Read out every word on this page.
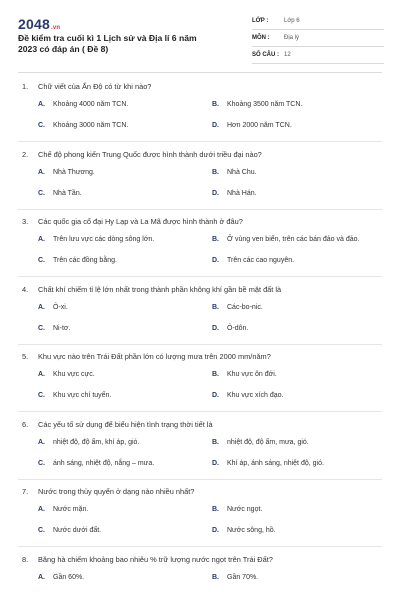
2048.vn
Đề kiểm tra cuối kì 1 Lịch sử và Địa lí 6 năm 2023 có đáp án ( Đề 8)
LỚP :	Lớp 6
MÔN :	Địa lý
SỐ CÂU : 12
1. Chữ viết của Ấn Độ có từ khi nào?
A. Khoảng 4000 năm TCN.	B. Khoảng 3500 năm TCN.
C. Khoảng 3000 năm TCN.	D. Hơn 2000 năm TCN.
2. Chế độ phong kiến Trung Quốc được hình thành dưới triều đại nào?
A. Nhà Thương.	B. Nhà Chu.
C. Nhà Tần.	D. Nhà Hán.
3. Các quốc gia cổ đại Hy Lạp và La Mã được hình thành ở đâu?
A. Trên lưu vực các dòng sông lớn.	B. Ở vùng ven biển, trên các bán đảo và đảo.
C. Trên các đồng bằng.	D. Trên các cao nguyên.
4. Chất khí chiếm tỉ lệ lớn nhất trong thành phần không khí gần bề mặt đất là
A. Ô-xi.	B. Các-bo-nic.
C. Ni-tơ.	D. Ô-dôn.
5. Khu vực nào trên Trái Đất phần lớn có lượng mưa trên 2000 mm/năm?
A. Khu vực cực.	B. Khu vực ôn đới.
C. Khu vực chí tuyến.	D. Khu vực xích đạo.
6. Các yếu tố sử dụng để biểu hiện tình trạng thời tiết là
A. nhiệt độ, độ ẩm, khí áp, gió.	B. nhiệt độ, độ ẩm, mưa, gió.
C. ánh sáng, nhiệt độ, nắng – mưa.	D. Khí áp, ánh sáng, nhiệt độ, gió.
7. Nước trong thủy quyển ở dạng nào nhiều nhất?
A. Nước mặn.	B. Nước ngọt.
C. Nước dưới đất.	D. Nước sông, hồ.
8. Băng hà chiếm khoảng bao nhiêu % trữ lượng nước ngọt trên Trái Đất?
A. Gần 60%.	B. Gần 70%.
